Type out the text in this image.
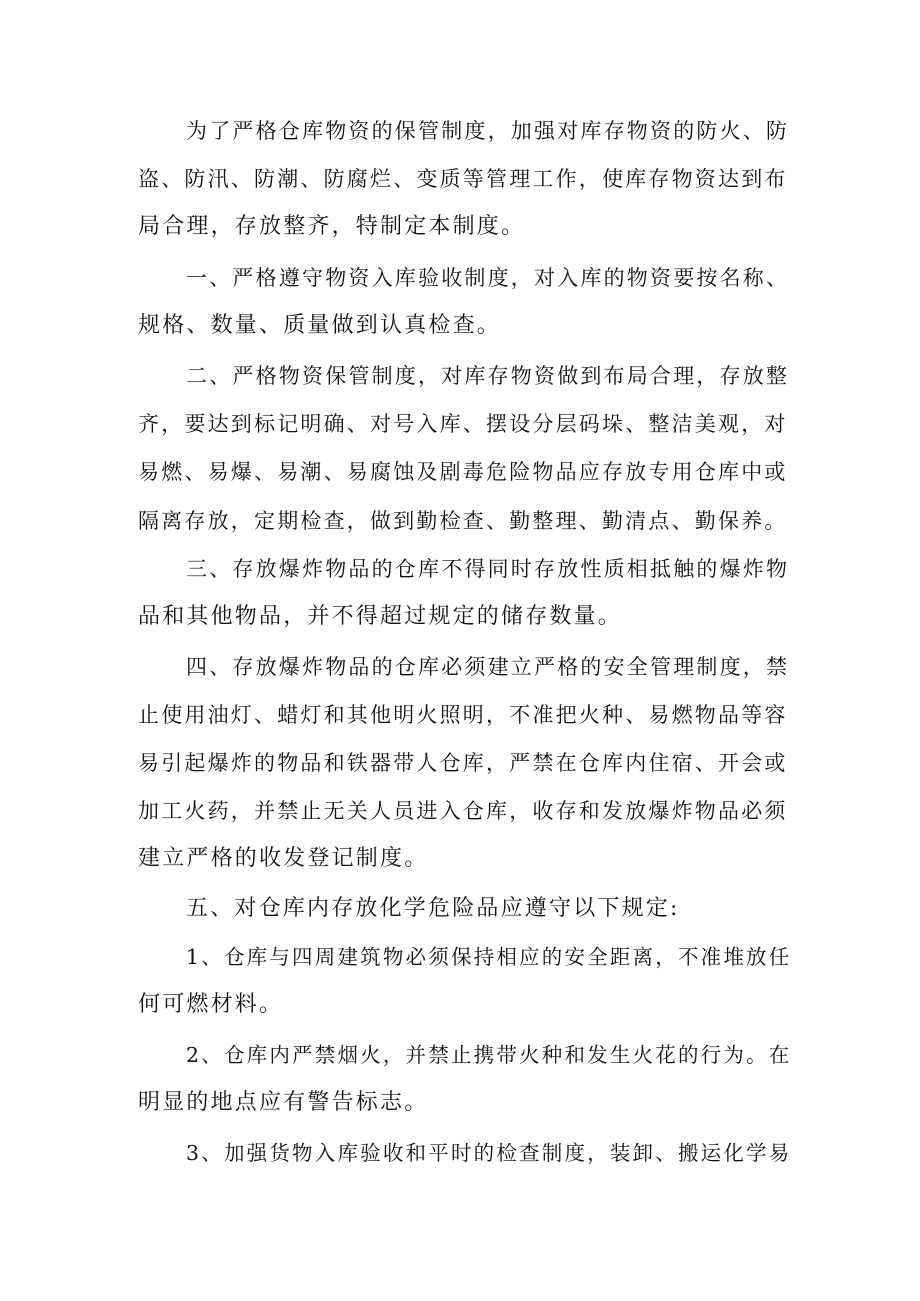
为了严格仓库物资的保管制度，加强对库存物资的防火、防

盗、防汛、防潮、防腐烂、变质等管理工作，使库存物资达到布

局合理，存放整齐，特制定本制度。

一、严格遵守物资入库验收制度，对入库的物资要按名称、

规格、数量、质量做到认真检查。

二、严格物资保管制度，对库存物资做到布局合理，存放整

齐，要达到标记明确、对号入库、摆设分层码垛、整洁美观，对

易燃、易爆、易潮、易腐蚀及剧毒危险物品应存放专用仓库中或

隔离存放，定期检查，做到勤检查、勤整理、勤清点、勤保养。

三、存放爆炸物品的仓库不得同时存放性质相抵触的爆炸物

品和其他物品，并不得超过规定的储存数量。

四、存放爆炸物品的仓库必须建立严格的安全管理制度，禁

止使用油灯、蜡灯和其他明火照明，不准把火种、易燃物品等容

易引起爆炸的物品和铁器带人仓库，严禁在仓库内住宿、开会或

加工火药，并禁止无关人员进入仓库，收存和发放爆炸物品必须

建立严格的收发登记制度。

五、对仓库内存放化学危险品应遵守以下规定:

1、仓库与四周建筑物必须保持相应的安全距离，不准堆放任

何可燃材料。

2、仓库内严禁烟火，并禁止携带火种和发生火花的行为。在

明显的地点应有警告标志。

3、加强货物入库验收和平时的检查制度，装卸、搬运化学易
